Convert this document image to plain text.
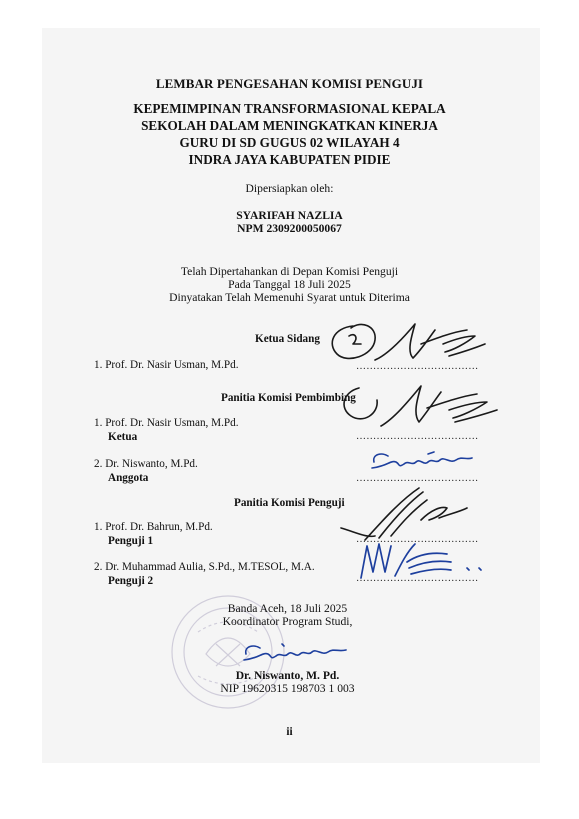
LEMBAR PENGESAHAN KOMISI PENGUJI
KEPEMIMPINAN TRANSFORMASIONAL KEPALA
SEKOLAH DALAM MENINGKATKAN KINERJA
GURU DI SD GUGUS 02 WILAYAH 4
INDRA JAYA KABUPATEN PIDIE
Dipersiapkan oleh:
SYARIFAH NAZLIA
NPM 2309200050067
Telah Dipertahankan di Depan Komisi Penguji
Pada Tanggal 18 Juli 2025
Dinyatakan Telah Memenuhi Syarat untuk Diterima
Ketua Sidang
1. Prof. Dr. Nasir Usman, M.Pd.	………………………………
Panitia Komisi Pembimbing
1. Prof. Dr. Nasir Usman, M.Pd.
Ketua	………………………………
2. Dr. Niswanto, M.Pd.
Anggota	………………………………
Panitia Komisi Penguji
1. Prof. Dr. Bahrun, M.Pd.
Penguji 1	………………………………
2. Dr. Muhammad Aulia, S.Pd., M.TESOL, M.A.
Penguji 2	………………………………
Banda Aceh, 18 Juli 2025
Koordinator Program Studi,
Dr. Niswanto, M. Pd.
NIP 19620315 198703 1 003
ii
